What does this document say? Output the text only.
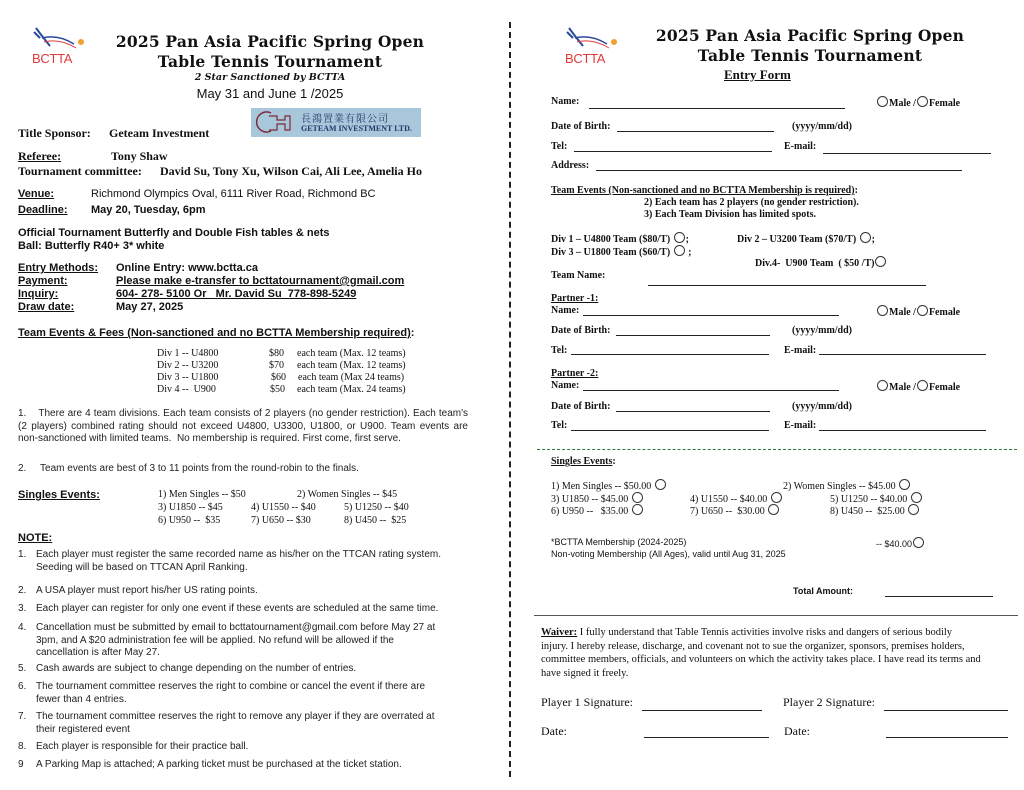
BCTTA
2025 Pan Asia Pacific Spring Open
Table Tennis Tournament
2 Star Sanctioned by BCTTA
May 31 and June 1 /2025
長鴻置業有限公司
GETEAM INVESTMENT LTD.
Title Sponsor: Geteam Investment
Referee:	Tony Shaw
Tournament committee: David Su, Tony Xu, Wilson Cai, Ali Lee, Amelia Ho
Venue:	Richmond Olympics Oval, 6111 River Road, Richmond BC
Deadline: May 20, Tuesday, 6pm
Official Tournament Butterfly and Double Fish tables & nets
Ball: Butterfly R40+ 3* white
Entry Methods: Online Entry: www.bctta.ca
Payment:	Please make e-transfer to bcttatournament@gmail.com
Inquiry:	604- 278- 5100 Or   Mr. David Su  778-898-5249
Draw date:	May 27, 2025
Team Events & Fees (Non-sanctioned and no BCTTA Membership required):
Div 1 -- U4800	$80 each team (Max. 12 teams)
Div 2 -- U3200	$70 each team (Max. 12 teams)
Div 3 -- U1800	$60 each team (Max 24 teams)
Div 4 --  U900	$50 each team (Max. 24 teams)
1.    There are 4 team divisions. Each team consists of 2 players (no gender restriction). Each team's (2 players) combined rating should not exceed U4800, U3300, U1800, or U900. Team events are non-sanctioned with limited teams.  No membership is required. First come, first serve.
2.     Team events are best of 3 to 11 points from the round-robin to the finals.
Singles Events:	1) Men Singles -- $50	2) Women Singles -- $45
3) U1850 -- $45	4) U1550 -- $40	5) U1250 -- $40
6) U950 --  $35	7) U650 -- $30	8) U450 --  $25
NOTE:
1. Each player must register the same recorded name as his/her on the TTCAN rating system.
Seeding will be based on TTCAN April Ranking.
2. A USA player must report his/her US rating points.
3. Each player can register for only one event if these events are scheduled at the same time.
4. Cancellation must be submitted by email to bcttatournament@gmail.com before May 27 at
3pm, and A $20 administration fee will be applied. No refund will be allowed if the
cancellation is after May 27.
5. Cash awards are subject to change depending on the number of entries.
6. The tournament committee reserves the right to combine or cancel the event if there are
fewer than 4 entries.
7. The tournament committee reserves the right to remove any player if they are overrated at
their registered event
8. Each player is responsible for their practice ball.
9 A Parking Map is attached; A parking ticket must be purchased at the ticket station.
BCTTA
2025 Pan Asia Pacific Spring Open
Table Tennis Tournament
Entry Form
Name:	Male / Female
Date of Birth:	(yyyy/mm/dd)
Tel:	E-mail:
Address:
Team Events (Non-sanctioned and no BCTTA Membership is required):
2) Each team has 2 players (no gender restriction).
3) Each Team Division has limited spots.
Div 1 – U4800 Team ($80/T) ;	Div 2 – U3200 Team ($70/T) ;
Div 3 – U1800 Team ($60/T)  ;

Div.4-  U900 Team  ( $50 /T)

Team Name:
Partner -1:
Name:	Male / Female
Date of Birth:	(yyyy/mm/dd)
Tel:	E-mail:
Partner -2:
Name:	Male / Female
Date of Birth:	(yyyy/mm/dd)
Tel:	E-mail:
Singles Events:
1) Men Singles -- $50.00	2) Women Singles -- $45.00
3) U1850 -- $45.00	4) U1550 -- $40.00	5) U1250 -- $40.00
6) U950 --   $35.00	7) U650 --  $30.00	8) U450 --  $25.00
*BCTTA Membership (2024-2025)
Non-voting Membership (All Ages), valid until Aug 31, 2025
-- $40.00
Total Amount:
Waiver: I fully understand that Table Tennis activities involve risks and dangers of serious bodily injury. I hereby release, discharge, and covenant not to sue the organizer, sponsors, premises holders, committee members, officials, and volunteers on which the activity takes place. I have read its terms and have signed it freely.
Player 1 Signature:	Player 2 Signature:
Date:	Date:
